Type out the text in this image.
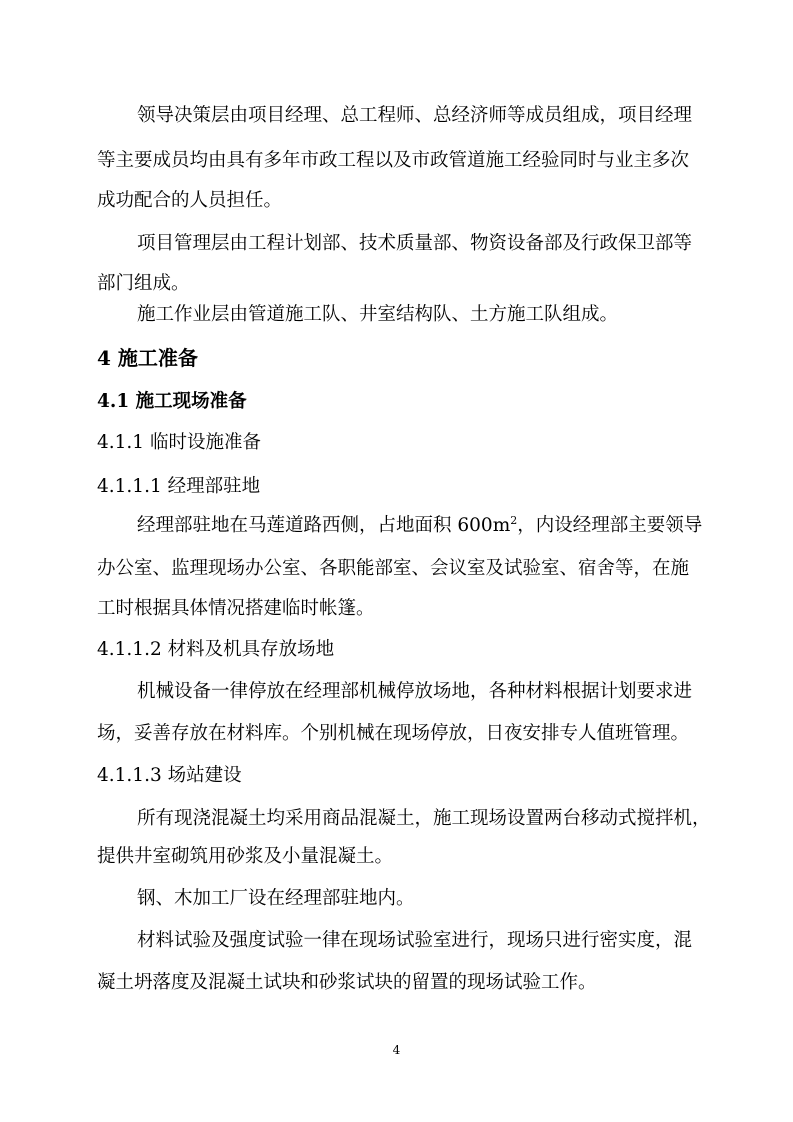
领导决策层由项目经理、总工程师、总经济师等成员组成，项目经理
等主要成员均由具有多年市政工程以及市政管道施工经验同时与业主多次
成功配合的人员担任。
项目管理层由工程计划部、技术质量部、物资设备部及行政保卫部等
部门组成。
施工作业层由管道施工队、井室结构队、土方施工队组成。
4 施工准备
4.1 施工现场准备
4.1.1 临时设施准备
4.1.1.1 经理部驻地
经理部驻地在马莲道路西侧，占地面积 $600m^2$，内设经理部主要领导
办公室、监理现场办公室、各职能部室、会议室及试验室、宿舍等，在施
工时根据具体情况搭建临时帐篷。
4.1.1.2 材料及机具存放场地
机械设备一律停放在经理部机械停放场地，各种材料根据计划要求进
场，妥善存放在材料库。个别机械在现场停放，日夜安排专人值班管理。
4.1.1.3 场站建设
所有现浇混凝土均采用商品混凝土，施工现场设置两台移动式搅拌机，
提供井室砌筑用砂浆及小量混凝土。
钢、木加工厂设在经理部驻地内。
材料试验及强度试验一律在现场试验室进行，现场只进行密实度，混
凝土坍落度及混凝土试块和砂浆试块的留置的现场试验工作。
4
